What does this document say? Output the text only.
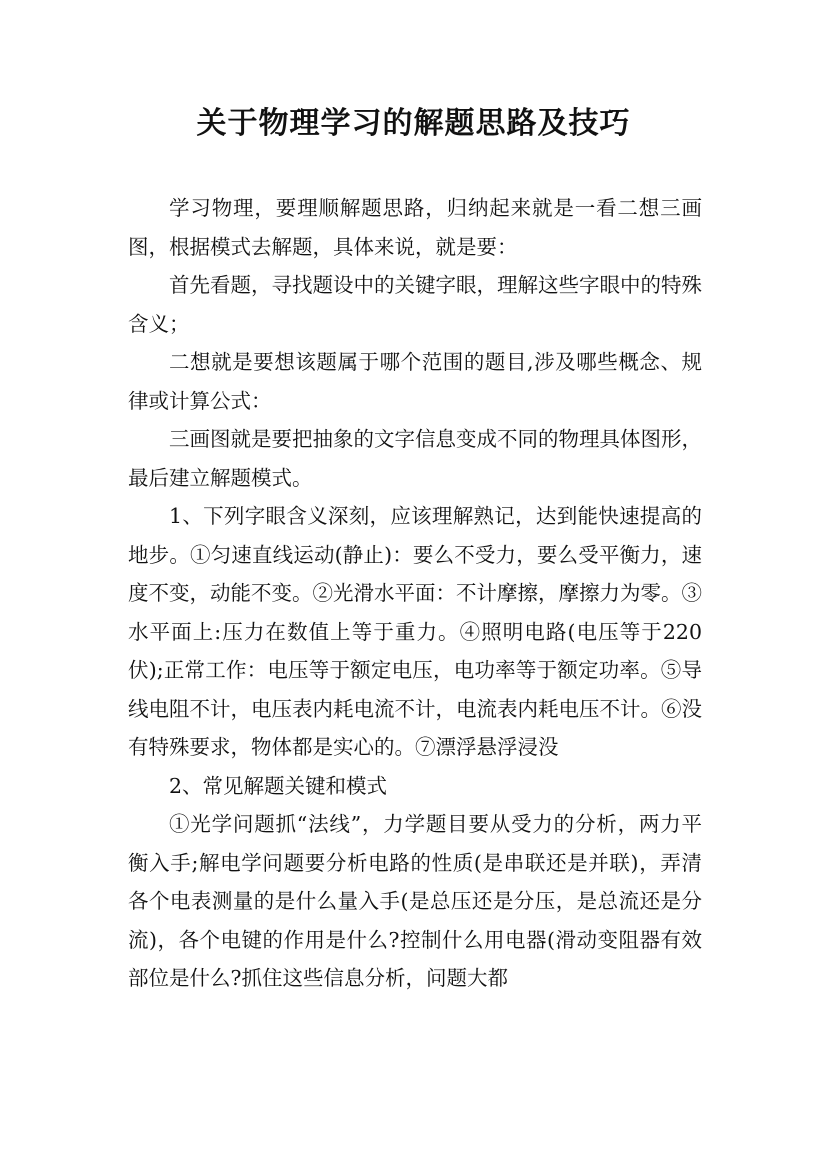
关于物理学习的解题思路及技巧

学习物理，要理顺解题思路，归纳起来就是一看二想三画图，根据模式去解题，具体来说，就是要：

首先看题，寻找题设中的关键字眼，理解这些字眼中的特殊含义；

二想就是要想该题属于哪个范围的题目,涉及哪些概念、规律或计算公式：

三画图就是要把抽象的文字信息变成不同的物理具体图形，最后建立解题模式。

1、下列字眼含义深刻，应该理解熟记，达到能快速提高的地步。①匀速直线运动(静止)：要么不受力，要么受平衡力，速度不变，动能不变。②光滑水平面：不计摩擦，摩擦力为零。③水平面上:压力在数值上等于重力。④照明电路(电压等于220伏);正常工作：电压等于额定电压，电功率等于额定功率。⑤导线电阻不计，电压表内耗电流不计，电流表内耗电压不计。⑥没有特殊要求，物体都是实心的。⑦漂浮悬浮浸没

2、常见解题关键和模式

①光学问题抓“法线”，力学题目要从受力的分析，两力平衡入手;解电学问题要分析电路的性质(是串联还是并联)，弄清各个电表测量的是什么量入手(是总压还是分压，是总流还是分流)，各个电键的作用是什么?控制什么用电器(滑动变阻器有效部位是什么?抓住这些信息分析，问题大都
